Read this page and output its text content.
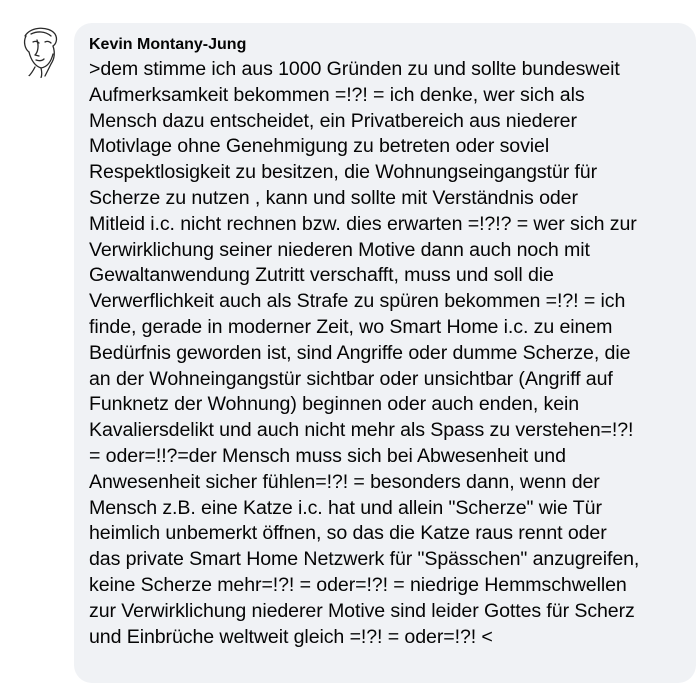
Kevin Montany-Jung

>dem stimme ich aus 1000 Gründen zu und sollte bundesweit
Aufmerksamkeit bekommen =!?! = ich denke, wer sich als
Mensch dazu entscheidet, ein Privatbereich aus niederer
Motivlage ohne Genehmigung zu betreten oder soviel
Respektlosigkeit zu besitzen, die Wohnungseingangstür für
Scherze zu nutzen , kann und sollte mit Verständnis oder
Mitleid i.c. nicht rechnen bzw. dies erwarten =!?!? = wer sich zur
Verwirklichung seiner niederen Motive dann auch noch mit
Gewaltanwendung Zutritt verschafft, muss und soll die
Verwerflichkeit auch als Strafe zu spüren bekommen =!?! = ich
finde, gerade in moderner Zeit, wo Smart Home i.c. zu einem
Bedürfnis geworden ist, sind Angriffe oder dumme Scherze, die
an der Wohneingangstür sichtbar oder unsichtbar (Angriff auf
Funknetz der Wohnung) beginnen oder auch enden, kein
Kavaliersdelikt und auch nicht mehr als Spass zu verstehen=!?!
= oder=!!?=der Mensch muss sich bei Abwesenheit und
Anwesenheit sicher fühlen=!?! = besonders dann, wenn der
Mensch z.B. eine Katze i.c. hat und allein "Scherze" wie Tür
heimlich unbemerkt öffnen, so das die Katze raus rennt oder
das private Smart Home Netzwerk für "Spässchen" anzugreifen,
keine Scherze mehr=!?! = oder=!?! = niedrige Hemmschwellen
zur Verwirklichung niederer Motive sind leider Gottes für Scherz
und Einbrüche weltweit gleich =!?! = oder=!?! <
